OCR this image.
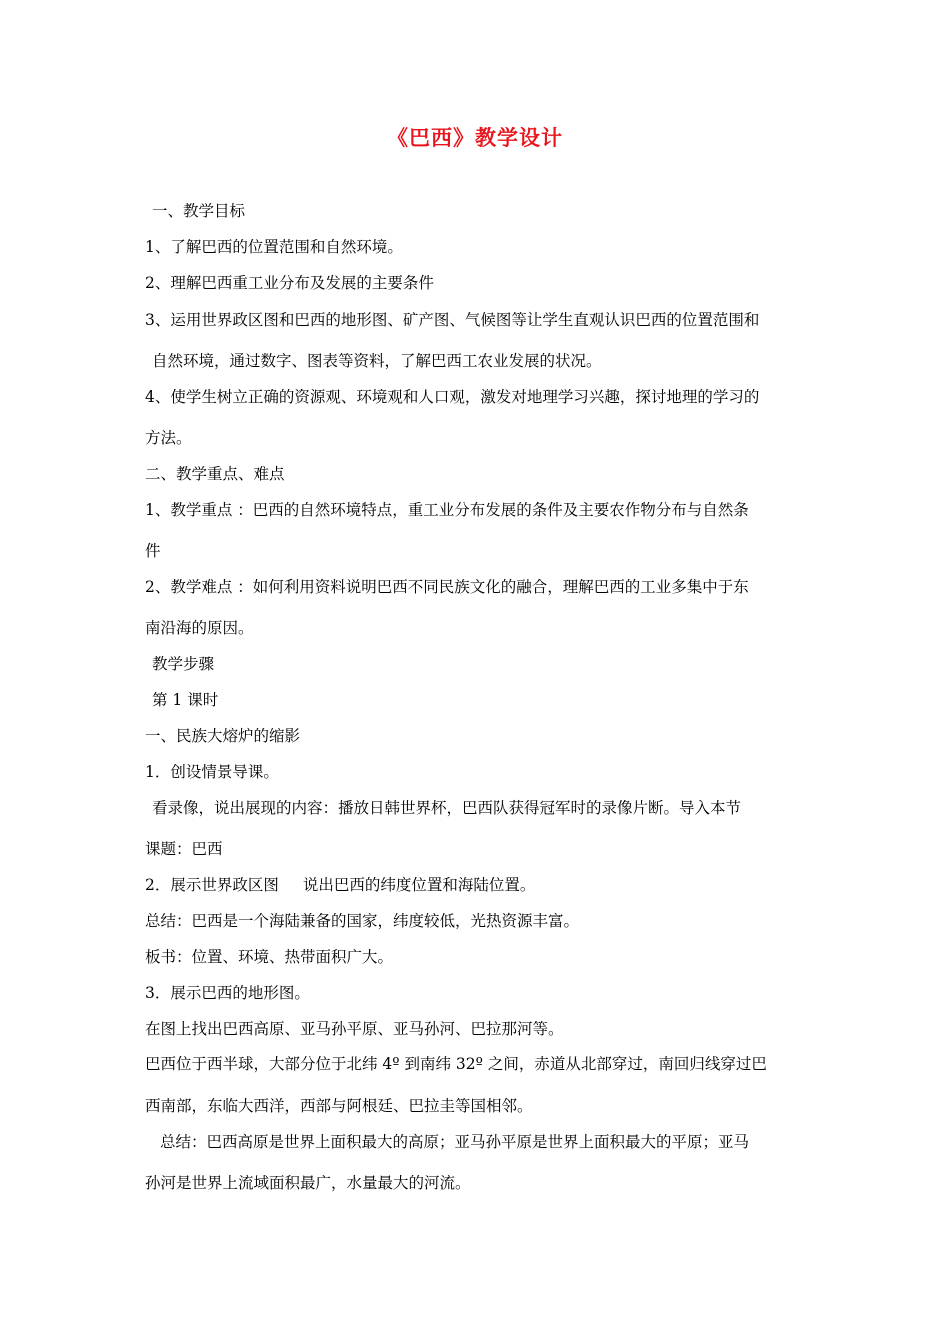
《巴西》教学设计
一、教学目标
1、了解巴西的位置范围和自然环境。
2、理解巴西重工业分布及发展的主要条件
3、运用世界政区图和巴西的地形图、矿产图、气候图等让学生直观认识巴西的位置范围和
自然环境，通过数字、图表等资料，了解巴西工农业发展的状况。
4、使学生树立正确的资源观、环境观和人口观，激发对地理学习兴趣，探讨地理的学习的
方法。
二、教学重点、难点
1、教学重点 ：巴西的自然环境特点，重工业分布发展的条件及主要农作物分布与自然条
件
2、教学难点 ：如何利用资料说明巴西不同民族文化的融合，理解巴西的工业多集中于东
南沿海的原因。
教学步骤
第 1 课时
一、民族大熔炉的缩影
1．创设情景导课。
看录像，说出展现的内容：播放日韩世界杯，巴西队获得冠军时的录像片断。导入本节
课题：巴西
2．展示世界政区图 说出巴西的纬度位置和海陆位置。
总结：巴西是一个海陆兼备的国家，纬度较低，光热资源丰富。
板书：位置、环境、热带面积广大。
3．展示巴西的地形图。
在图上找出巴西高原、亚马孙平原、亚马孙河、巴拉那河等。
巴西位于西半球，大部分位于北纬 4º 到南纬 32º 之间，赤道从北部穿过，南回归线穿过巴
西南部，东临大西洋，西部与阿根廷、巴拉圭等国相邻。
总结：巴西高原是世界上面积最大的高原；亚马孙平原是世界上面积最大的平原；亚马
孙河是世界上流域面积最广，水量最大的河流。
